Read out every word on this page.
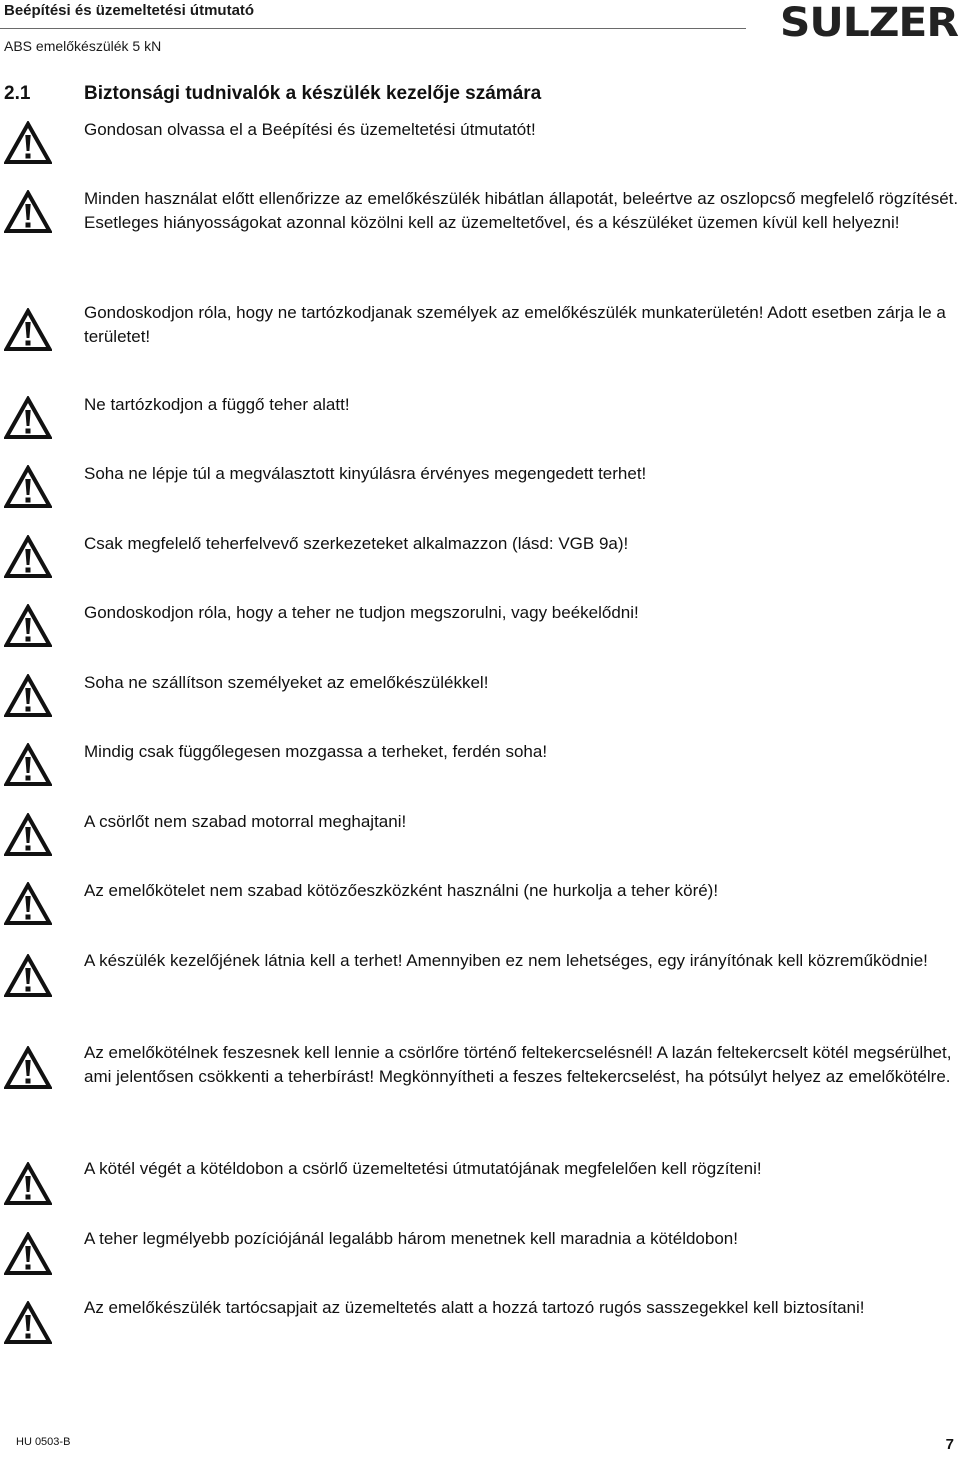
Beépítési és üzemeltetési útmutató
ABS emelőkészülék 5 kN	SULZER
2.1	Biztonsági tudnivalók a készülék kezelője számára
Gondosan olvassa el a Beépítési és üzemeltetési útmutatót!
Minden használat előtt ellenőrizze az emelőkészülék hibátlan állapotát, beleértve az oszlopcső megfelelő rögzítését. Esetleges hiányosságokat azonnal közölni kell az üzemeltetővel, és a készüléket üzemen kívül kell helyezni!
Gondoskodjon róla, hogy ne tartózkodjanak személyek az emelőkészülék munkaterületén! Adott esetben zárja le a területet!
Ne tartózkodjon a függő teher alatt!
Soha ne lépje túl a megválasztott kinyúlásra érvényes megengedett terhet!
Csak megfelelő teherfelvevő szerkezeteket alkalmazzon (lásd: VGB 9a)!
Gondoskodjon róla, hogy a teher ne tudjon megszorulni, vagy beékelődni!
Soha ne szállítson személyeket az emelőkészülékkel!
Mindig csak függőlegesen mozgassa a terheket, ferdén soha!
A csörlőt nem szabad motorral meghajtani!
Az emelőkötelet nem szabad kötözőeszközként használni (ne hurkolja a teher köré)!
A készülék kezelőjének látnia kell a terhet! Amennyiben ez nem lehetséges, egy irányítónak kell közreműködnie!
Az emelőkötélnek feszesnek kell lennie a csörlőre történő feltekercselésnél! A lazán feltekercselt kötél megsérülhet, ami jelentősen csökkenti a teherbírást! Megkönnyítheti a feszes feltekercselést, ha pótsúlyt helyez az emelőkötélre.
A kötél végét a kötéldobon a csörlő üzemeltetési útmutatójának megfelelően kell rögzíteni!
A teher legmélyebb pozíciójánál legalább három menetnek kell maradnia a kötéldobon!
Az emelőkészülék tartócsapjait az üzemeltetés alatt a hozzá tartozó rugós sasszegekkel kell biztosítani!
HU 0503-B	7
